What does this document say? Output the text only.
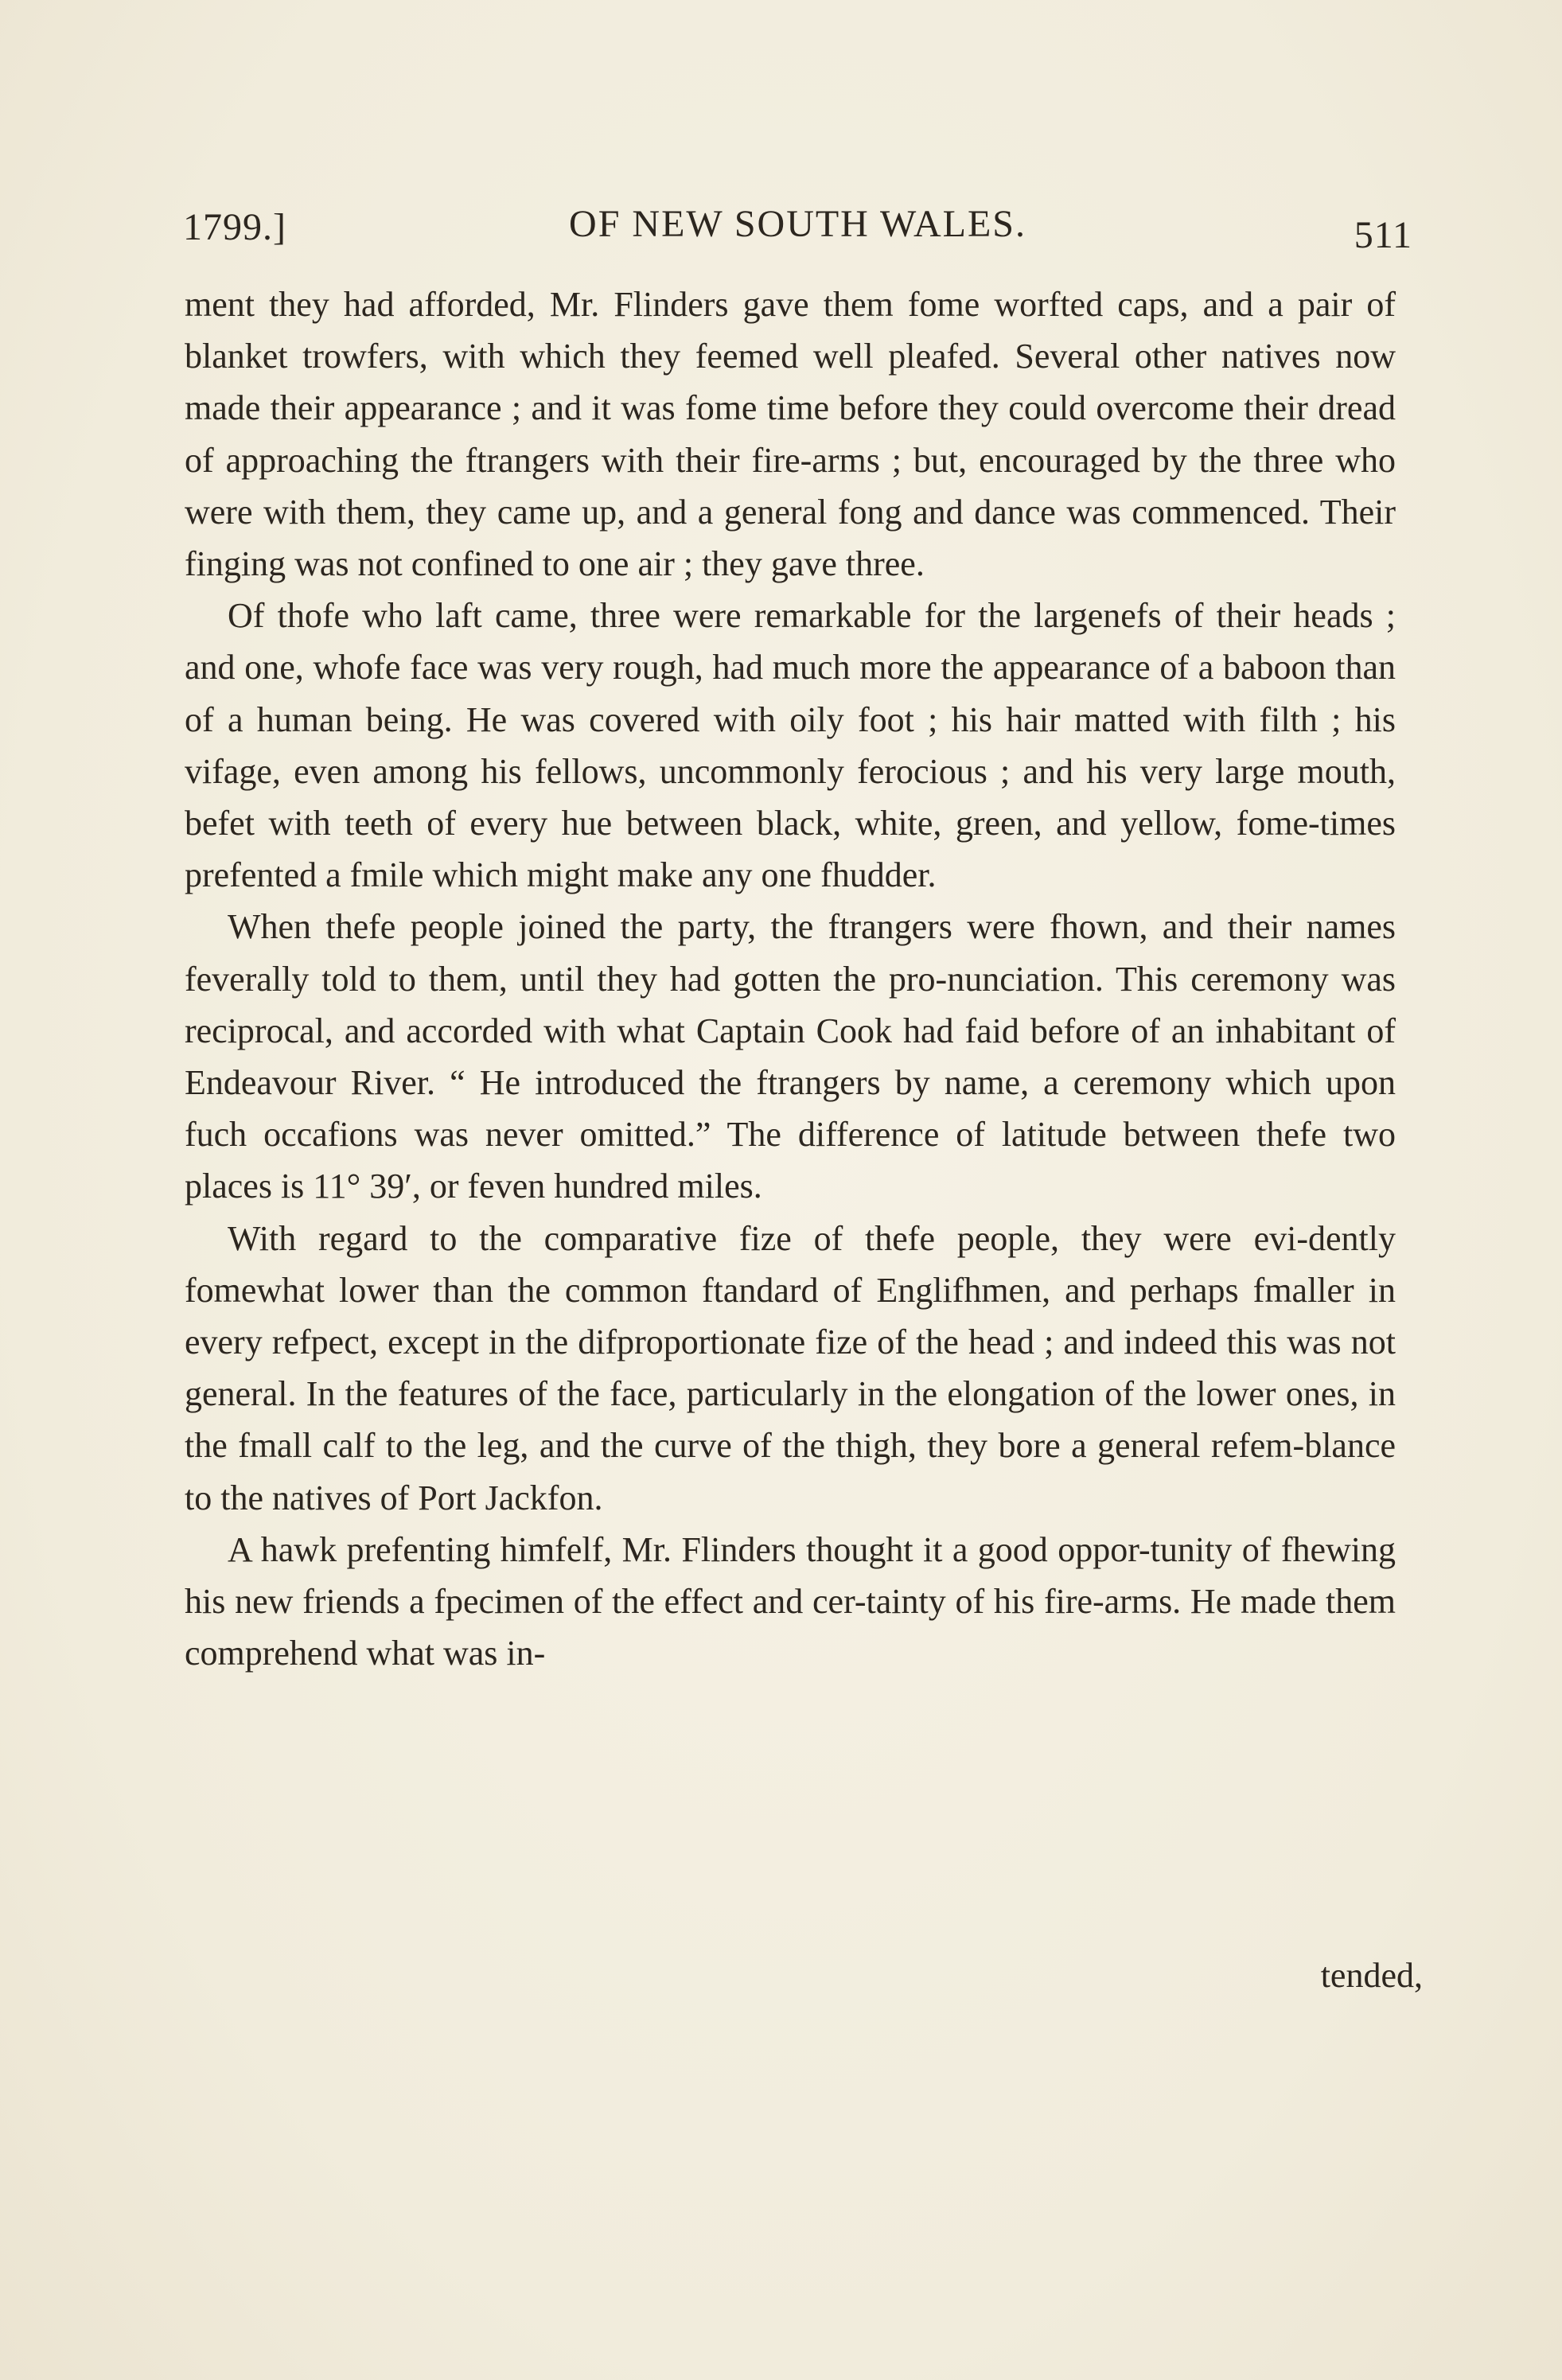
1799.]	OF NEW SOUTH WALES.	511

ment they had afforded, Mr. Flinders gave them fome worfted caps, and a pair of blanket trowfers, with which they feemed well pleafed. Several other natives now made their appearance ; and it was fome time before they could overcome their dread of approaching the ftrangers with their fire-arms ; but, encouraged by the three who were with them, they came up, and a general fong and dance was commenced. Their finging was not confined to one air ; they gave three.

Of thofe who laft came, three were remarkable for the largenefs of their heads ; and one, whofe face was very rough, had much more the appearance of a baboon than of a human being. He was covered with oily foot ; his hair matted with filth ; his vifage, even among his fellows, uncommonly ferocious ; and his very large mouth, befet with teeth of every hue between black, white, green, and yellow, fome-times prefented a fmile which might make any one fhudder.

When thefe people joined the party, the ftrangers were fhown, and their names feverally told to them, until they had gotten the pro-nunciation. This ceremony was reciprocal, and accorded with what Captain Cook had faid before of an inhabitant of Endeavour River. “ He introduced the ftrangers by name, a ceremony which upon fuch occafions was never omitted.” The difference of latitude between thefe two places is 11° 39′, or feven hundred miles.

With regard to the comparative fize of thefe people, they were evi-dently fomewhat lower than the common ftandard of Englifhmen, and perhaps fmaller in every refpect, except in the difproportionate fize of the head ; and indeed this was not general. In the features of the face, particularly in the elongation of the lower ones, in the fmall calf to the leg, and the curve of the thigh, they bore a general refem-blance to the natives of Port Jackfon.

A hawk prefenting himfelf, Mr. Flinders thought it a good oppor-tunity of fhewing his new friends a fpecimen of the effect and cer-tainty of his fire-arms. He made them comprehend what was in-

tended,
